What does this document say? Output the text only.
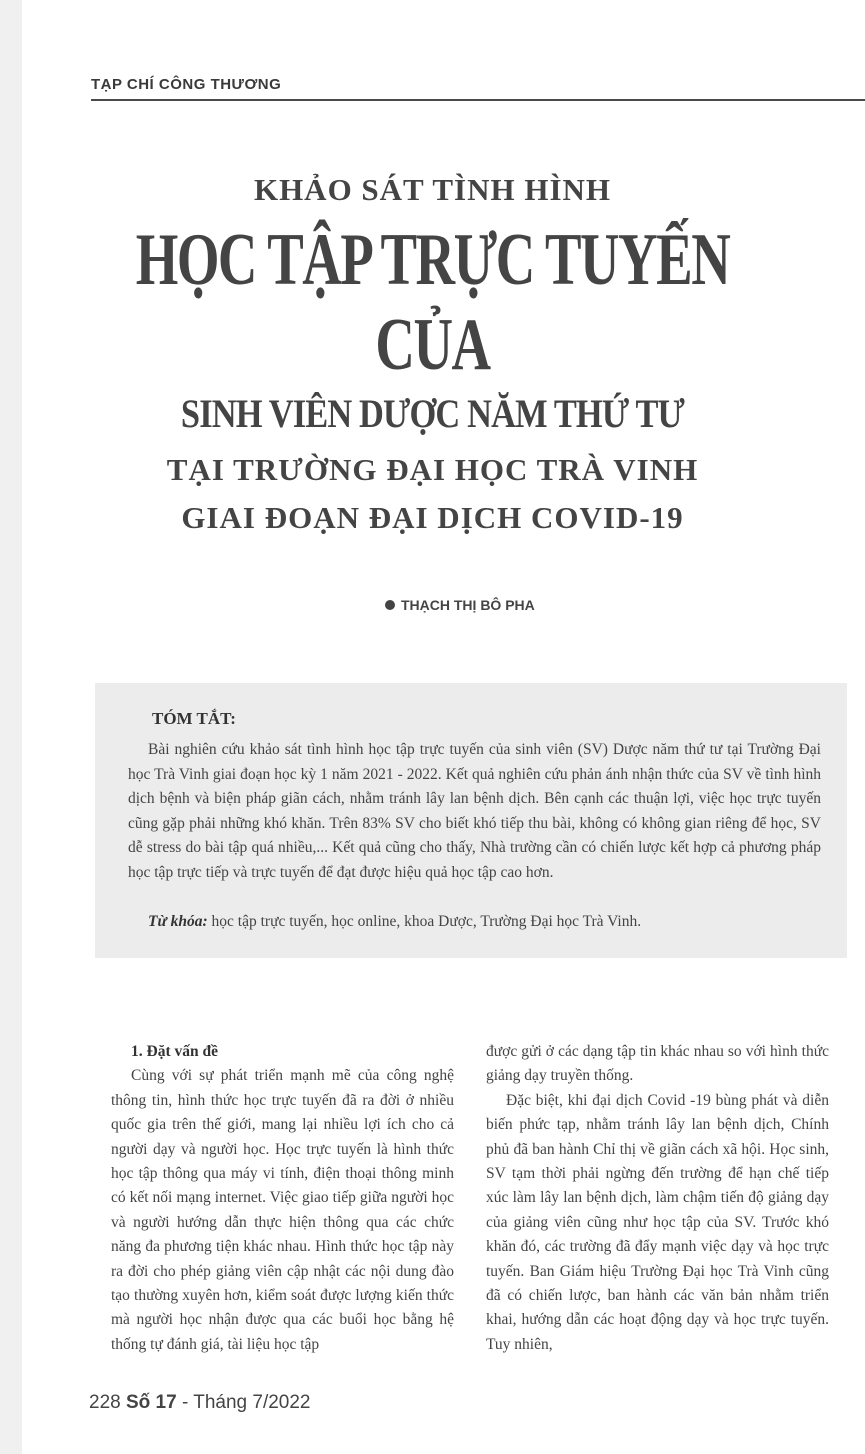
TẠP CHÍ CÔNG THƯƠNG
KHẢO SÁT TÌNH HÌNH
HỌC TẬP TRỰC TUYẾN CỦA
SINH VIÊN DƯỢC NĂM THỨ TƯ
TẠI TRƯỜNG ĐẠI HỌC TRÀ VINH
GIAI ĐOẠN ĐẠI DỊCH COVID-19
THẠCH THỊ BÔ PHA
TÓM TẮT:

Bài nghiên cứu khảo sát tình hình học tập trực tuyến của sinh viên (SV) Dược năm thứ tư tại Trường Đại học Trà Vinh giai đoạn học kỳ 1 năm 2021 - 2022. Kết quả nghiên cứu phản ánh nhận thức của SV về tình hình dịch bệnh và biện pháp giãn cách, nhằm tránh lây lan bệnh dịch. Bên cạnh các thuận lợi, việc học trực tuyến cũng gặp phải những khó khăn. Trên 83% SV cho biết khó tiếp thu bài, không có không gian riêng để học, SV dễ stress do bài tập quá nhiều,... Kết quả cũng cho thấy, Nhà trường cần có chiến lược kết hợp cả phương pháp học tập trực tiếp và trực tuyến để đạt được hiệu quả học tập cao hơn.

Từ khóa: học tập trực tuyến, học online, khoa Dược, Trường Đại học Trà Vinh.

1. Đặt vấn đề

Cùng với sự phát triển mạnh mẽ của công nghệ thông tin, hình thức học trực tuyến đã ra đời ở nhiều quốc gia trên thế giới, mang lại nhiều lợi ích cho cả người dạy và người học. Học trực tuyến là hình thức học tập thông qua máy vi tính, điện thoại thông minh có kết nối mạng internet. Việc giao tiếp giữa người học và người hướng dẫn thực hiện thông qua các chức năng đa phương tiện khác nhau. Hình thức học tập này ra đời cho phép giảng viên cập nhật các nội dung đào tạo thường xuyên hơn, kiểm soát được lượng kiến thức mà người học nhận được qua các buổi học bằng hệ thống tự đánh giá, tài liệu học tập

được gửi ở các dạng tập tin khác nhau so với hình thức giảng dạy truyền thống.

Đặc biệt, khi đại dịch Covid -19 bùng phát và diễn biến phức tạp, nhằm tránh lây lan bệnh dịch, Chính phủ đã ban hành Chỉ thị về giãn cách xã hội. Học sinh, SV tạm thời phải ngừng đến trường để hạn chế tiếp xúc làm lây lan bệnh dịch, làm chậm tiến độ giảng dạy của giảng viên cũng như học tập của SV. Trước khó khăn đó, các trường đã đẩy mạnh việc dạy và học trực tuyến. Ban Giám hiệu Trường Đại học Trà Vinh cũng đã có chiến lược, ban hành các văn bản nhằm triển khai, hướng dẫn các hoạt động dạy và học trực tuyến. Tuy nhiên,

228 Số 17 - Tháng 7/2022
